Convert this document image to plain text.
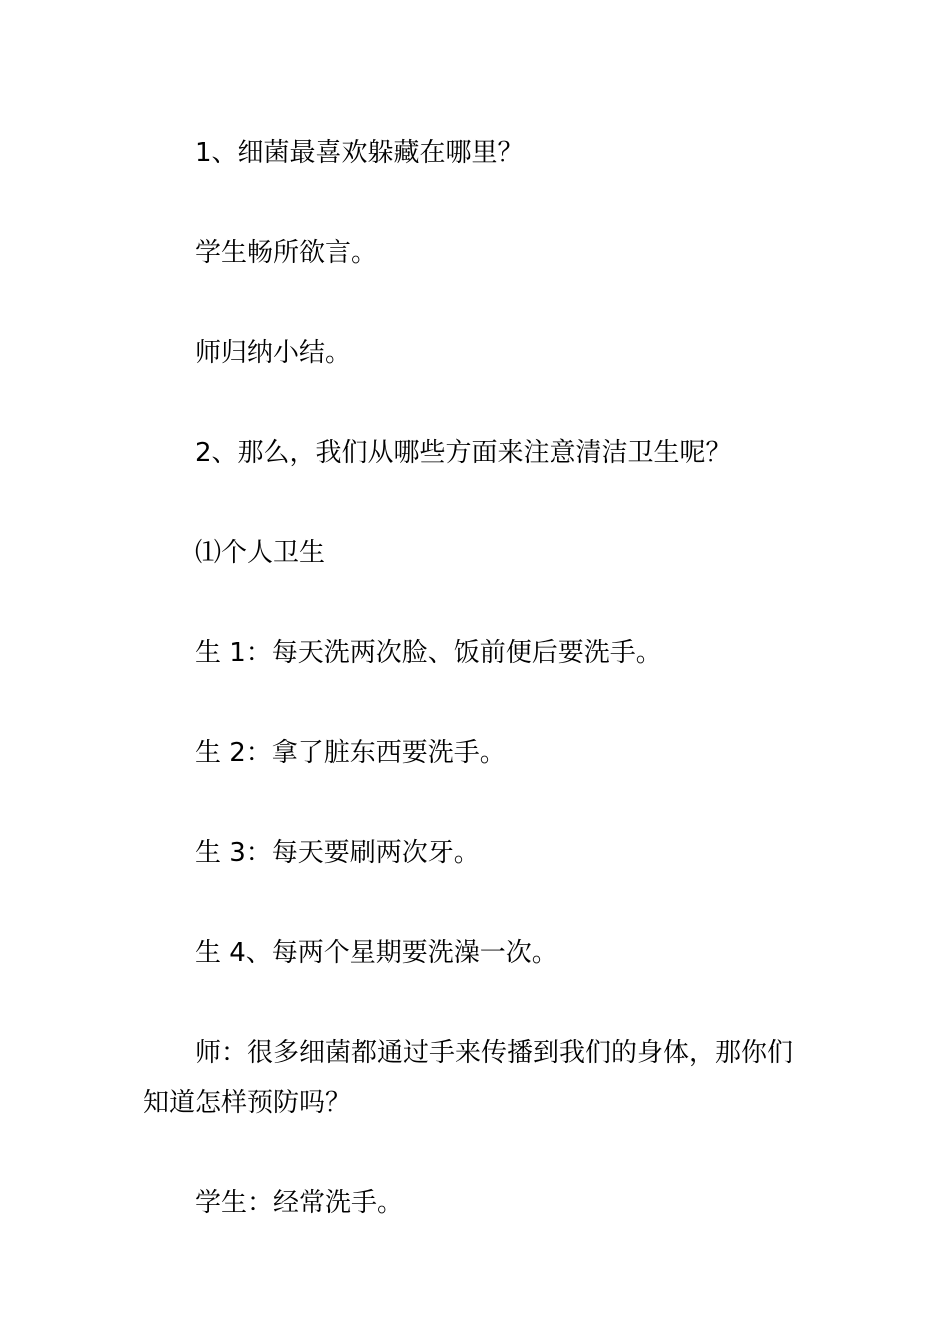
1、细菌最喜欢躲藏在哪里？

学生畅所欲言。

师归纳小结。

2、那么，我们从哪些方面来注意清洁卫生呢？

⑴个人卫生

生 1：每天洗两次脸、饭前便后要洗手。

生 2：拿了脏东西要洗手。

生 3：每天要刷两次牙。

生 4、每两个星期要洗澡一次。

师：很多细菌都通过手来传播到我们的身体，那你们知道怎样预防吗？

学生：经常洗手。
